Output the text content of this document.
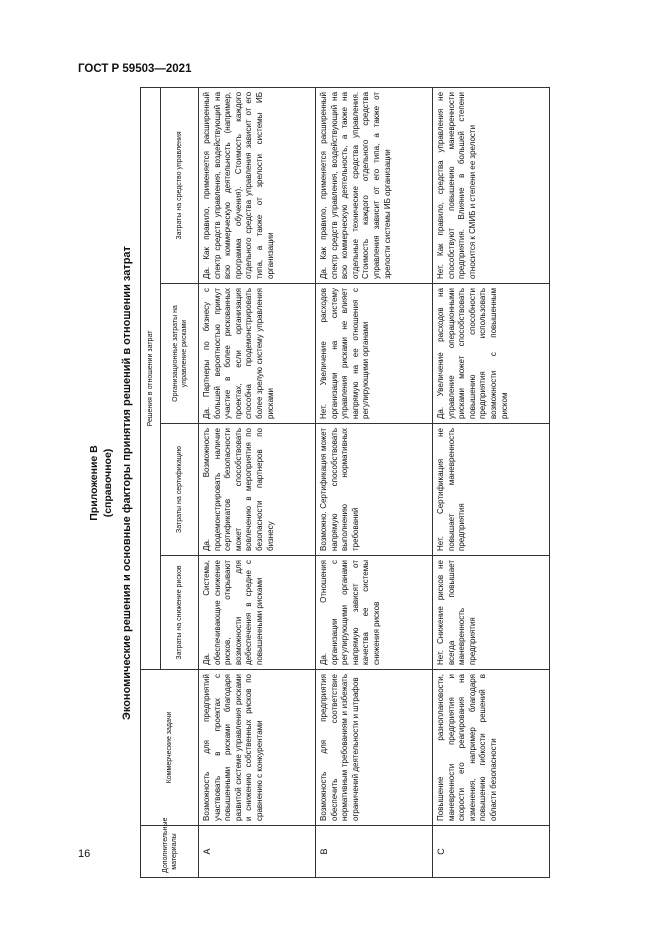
ГОСТ Р 59503—2021
Приложение В (справочное) Экономические решения и основные факторы принятия решений в отношении затрат
Дополнительные материалы	Коммерческие задачи	Решения в отношении затрат			
		Затраты на снижение рисков	Затраты на сертификацию	Организационные затраты на управление рисками	Затраты на средство управления
А	Возможность для предприятий участвовать в проектах с повышенными рисками благодаря развитой системе управления рисками и снижению собственных рисков по сравнению с конкурентами	Да. Системы, обеспечивающие снижение рисков, открывают возможности для дебеспечения в средне с повышенными рисками	Да. Возможность продемонстрировать наличие сертификатов безопасности может способствовать вовлечению в мероприятия по безопасности партнеров по бизнесу	Да. Партнеры по бизнесу с большей вероятностью примут участие в более рискованных проектах, если организация способна продемонстрировать более зрелую систему управления рисками	Да. Как правило, применяется расширенный спектр средств управления, воздействующий на всю коммерческую деятельность (например, программа обучения). Стоимость каждого отдельного средства управления зависит от его типа, а также от зрелости системы ИБ организации

В	Возможность для предприятия обеспечить соответствие нормативным требованиям и избежать ограничений деятельности и штрафов	Да. Отношения организации с регулирующими органами напрямую зависят от качества ее системы снижения рисков	Возможно. Сертификация может напрямую способствовать выполнению нормативных требований	Нет. Увеличение расходов организации на систему управления рисками не влияет напрямую на ее отношения с регулирующими органами	Да. Как правило, применяется расширенный спектр средств управления, воздействующий на всю коммерческую деятельность, а также на отдельные технические средства управления. Стоимость каждого отдельного средства управления зависит от его типа, а также от зрелости системы ИБ организации

С	Повышение разноплановости, маневренности предприятия и скорости его реагирования на изменения, например благодаря повышению гибкости решений в области безопасности	Нет. Снижение рисков не всегда повышает маневренность предприятия	Нет. Сертификация не повышает маневренность предприятия	Да. Увеличение расходов на управление операционными рисками может способствовать повышению способности предприятия использовать возможности с повышенным риском	Нет. Как правило, средства управления не способствуют повышению маневренности предприятия. Влияние в большей степени относится к СМИБ и степени ее зрелости
16
